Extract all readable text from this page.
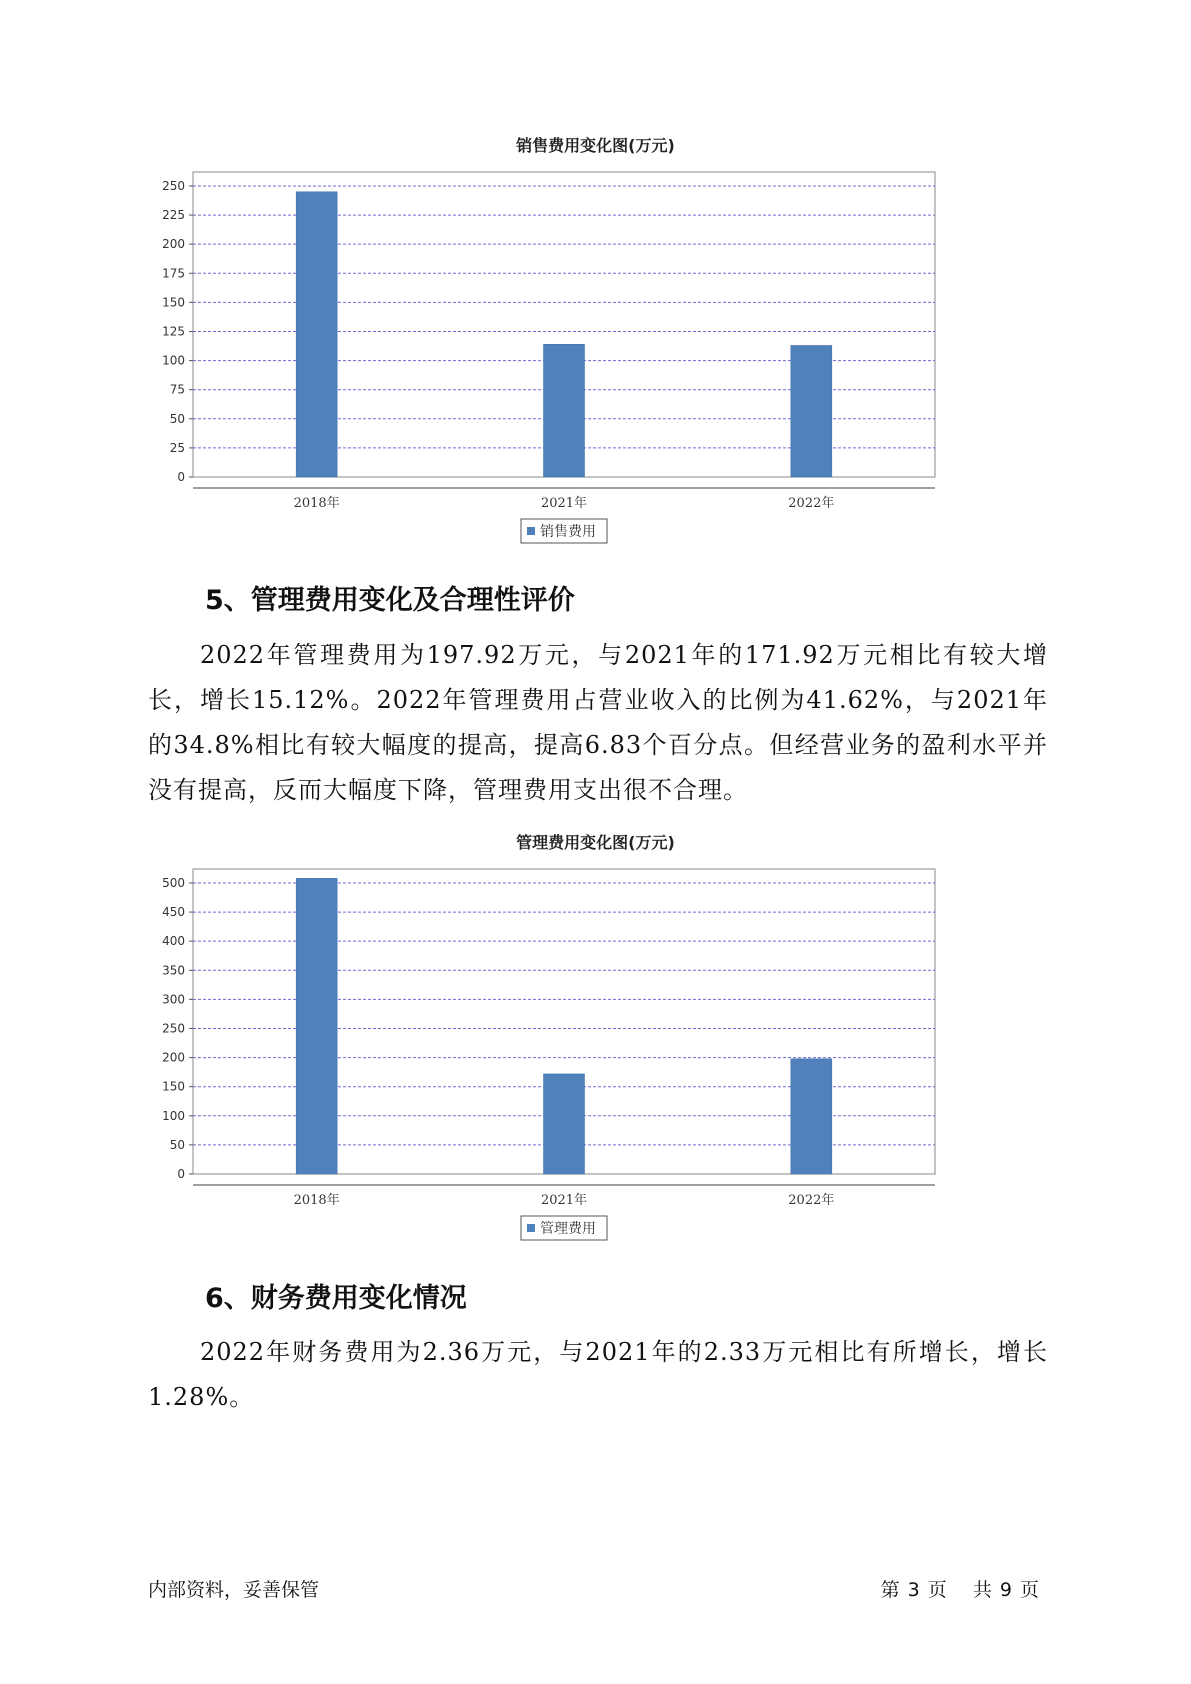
销售费用变化图(万元)
0
25
50
75
100
125
150
175
200
225
250
2018年	2021年	2022年
销售费用
5、管理费用变化及合理性评价

2022年管理费用为197.92万元，与2021年的171.92万元相比有较大增长，增长15.12%。2022年管理费用占营业收入的比例为41.62%，与2021年的34.8%相比有较大幅度的提高，提高6.83个百分点。但经营业务的盈利水平并没有提高，反而大幅度下降，管理费用支出很不合理。

管理费用变化图(万元)
0
50
100
150
200
250
300
350
400
450
500
2018年	2021年	2022年
管理费用
6、财务费用变化情况

2022年财务费用为2.36万元，与2021年的2.33万元相比有所增长，增长1.28%。

内部资料，妥善保管	第 3 页 共 9 页
